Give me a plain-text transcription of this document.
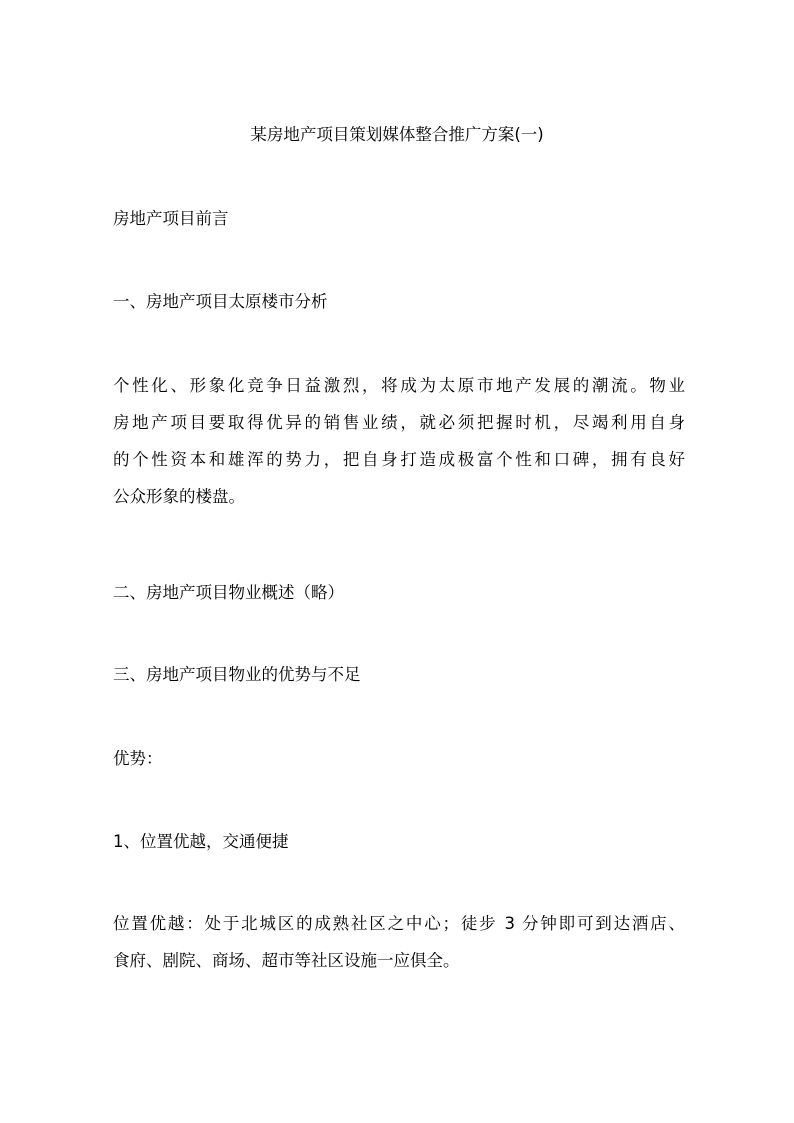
某房地产项目策划媒体整合推广方案(一)
房地产项目前言
一、房地产项目太原楼市分析
个性化、形象化竞争日益激烈，将成为太原市地产发展的潮流。物业
房地产项目要取得优异的销售业绩，就必须把握时机，尽竭利用自身
的个性资本和雄浑的势力，把自身打造成极富个性和口碑，拥有良好
公众形象的楼盘。
二、房地产项目物业概述（略）
三、房地产项目物业的优势与不足
优势：
1、位置优越，交通便捷
位置优越：处于北城区的成熟社区之中心；徒步 3 分钟即可到达酒店、
食府、剧院、商场、超市等社区设施一应俱全。
